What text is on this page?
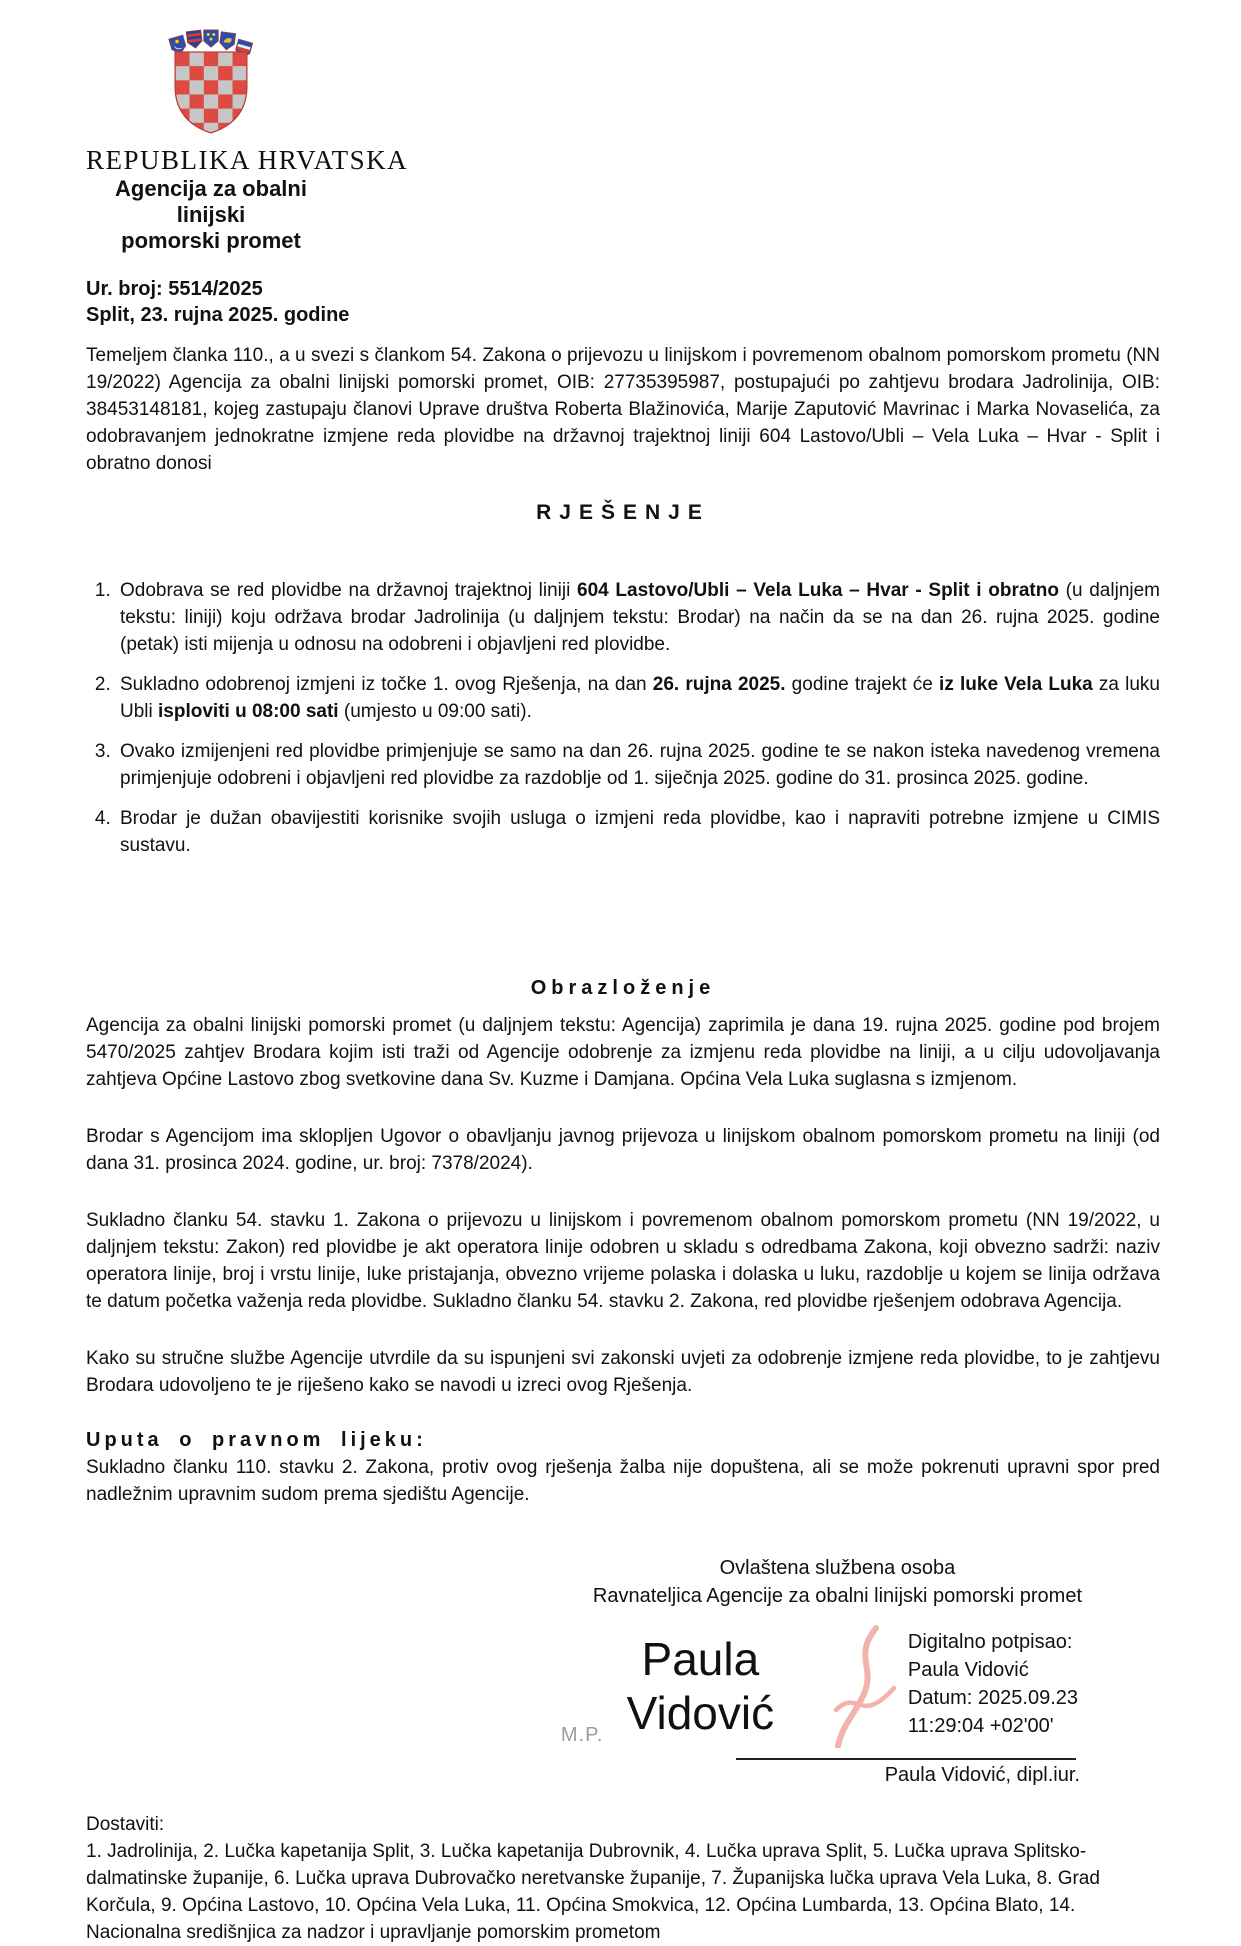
REPUBLIKA HRVATSKA
Agencija za obalni linijski
pomorski promet
Ur. broj: 5514/2025
Split, 23. rujna 2025. godine

Temeljem članka 110., a u svezi s člankom 54. Zakona o prijevozu u linijskom i povremenom obalnom pomorskom prometu (NN 19/2022) Agencija za obalni linijski pomorski promet, OIB: 27735395987, postupajući po zahtjevu brodara Jadrolinija, OIB: 38453148181, kojeg zastupaju članovi Uprave društva Roberta Blažinovića, Marije Zaputović Mavrinac i Marka Novaselića, za odobravanjem jednokratne izmjene reda plovidbe na državnoj trajektnoj liniji 604 Lastovo/Ubli – Vela Luka – Hvar - Split i obratno donosi

RJEŠENJE
1. Odobrava se red plovidbe na državnoj trajektnoj liniji 604 Lastovo/Ubli – Vela Luka – Hvar - Split i obratno (u daljnjem tekstu: liniji) koju održava brodar Jadrolinija (u daljnjem tekstu: Brodar) na način da se na dan 26. rujna 2025. godine (petak) isti mijenja u odnosu na odobreni i objavljeni red plovidbe.
2. Sukladno odobrenoj izmjeni iz točke 1. ovog Rješenja, na dan 26. rujna 2025. godine trajekt će iz luke Vela Luka za luku Ubli isploviti u 08:00 sati (umjesto u 09:00 sati).
3. Ovako izmijenjeni red plovidbe primjenjuje se samo na dan 26. rujna 2025. godine te se nakon isteka navedenog vremena primjenjuje odobreni i objavljeni red plovidbe za razdoblje od 1. siječnja 2025. godine do 31. prosinca 2025. godine.
4. Brodar je dužan obavijestiti korisnike svojih usluga o izmjeni reda plovidbe, kao i napraviti potrebne izmjene u CIMIS sustavu.
Obrazloženje

Agencija za obalni linijski pomorski promet (u daljnjem tekstu: Agencija) zaprimila je dana 19. rujna 2025. godine pod brojem 5470/2025 zahtjev Brodara kojim isti traži od Agencije odobrenje za izmjenu reda plovidbe na liniji, a u cilju udovoljavanja zahtjeva Općine Lastovo zbog svetkovine dana Sv. Kuzme i Damjana. Općina Vela Luka suglasna s izmjenom.

Brodar s Agencijom ima sklopljen Ugovor o obavljanju javnog prijevoza u linijskom obalnom pomorskom prometu na liniji (od dana 31. prosinca 2024. godine, ur. broj: 7378/2024).

Sukladno članku 54. stavku 1. Zakona o prijevozu u linijskom i povremenom obalnom pomorskom prometu (NN 19/2022, u daljnjem tekstu: Zakon) red plovidbe je akt operatora linije odobren u skladu s odredbama Zakona, koji obvezno sadrži: naziv operatora linije, broj i vrstu linije, luke pristajanja, obvezno vrijeme polaska i dolaska u luku, razdoblje u kojem se linija održava te datum početka važenja reda plovidbe. Sukladno članku 54. stavku 2. Zakona, red plovidbe rješenjem odobrava Agencija.

Kako su stručne službe Agencije utvrdile da su ispunjeni svi zakonski uvjeti za odobrenje izmjene reda plovidbe, to je zahtjevu Brodara udovoljeno te je riješeno kako se navodi u izreci ovog Rješenja.

Uputa o pravnom lijeku:

Sukladno članku 110. stavku 2. Zakona, protiv ovog rješenja žalba nije dopuštena, ali se može pokrenuti upravni spor pred nadležnim upravnim sudom prema sjedištu Agencije.

Ovlaštena službena osoba
Ravnateljica Agencije za obalni linijski pomorski promet
Paula
M.P. Vidović
Digitalno potpisao:
Paula Vidović
Datum: 2025.09.23
11:29:04 +02'00'
Paula Vidović, dipl.iur.
Dostaviti:
1. Jadrolinija, 2. Lučka kapetanija Split, 3. Lučka kapetanija Dubrovnik, 4. Lučka uprava Split, 5. Lučka uprava Splitsko-dalmatinske županije, 6. Lučka uprava Dubrovačko neretvanske županije, 7. Županijska lučka uprava Vela Luka, 8. Grad Korčula, 9. Općina Lastovo, 10. Općina Vela Luka, 11. Općina Smokvica, 12. Općina Lumbarda, 13. Općina Blato, 14. Nacionalna središnjica za nadzor i upravljanje pomorskim prometom
